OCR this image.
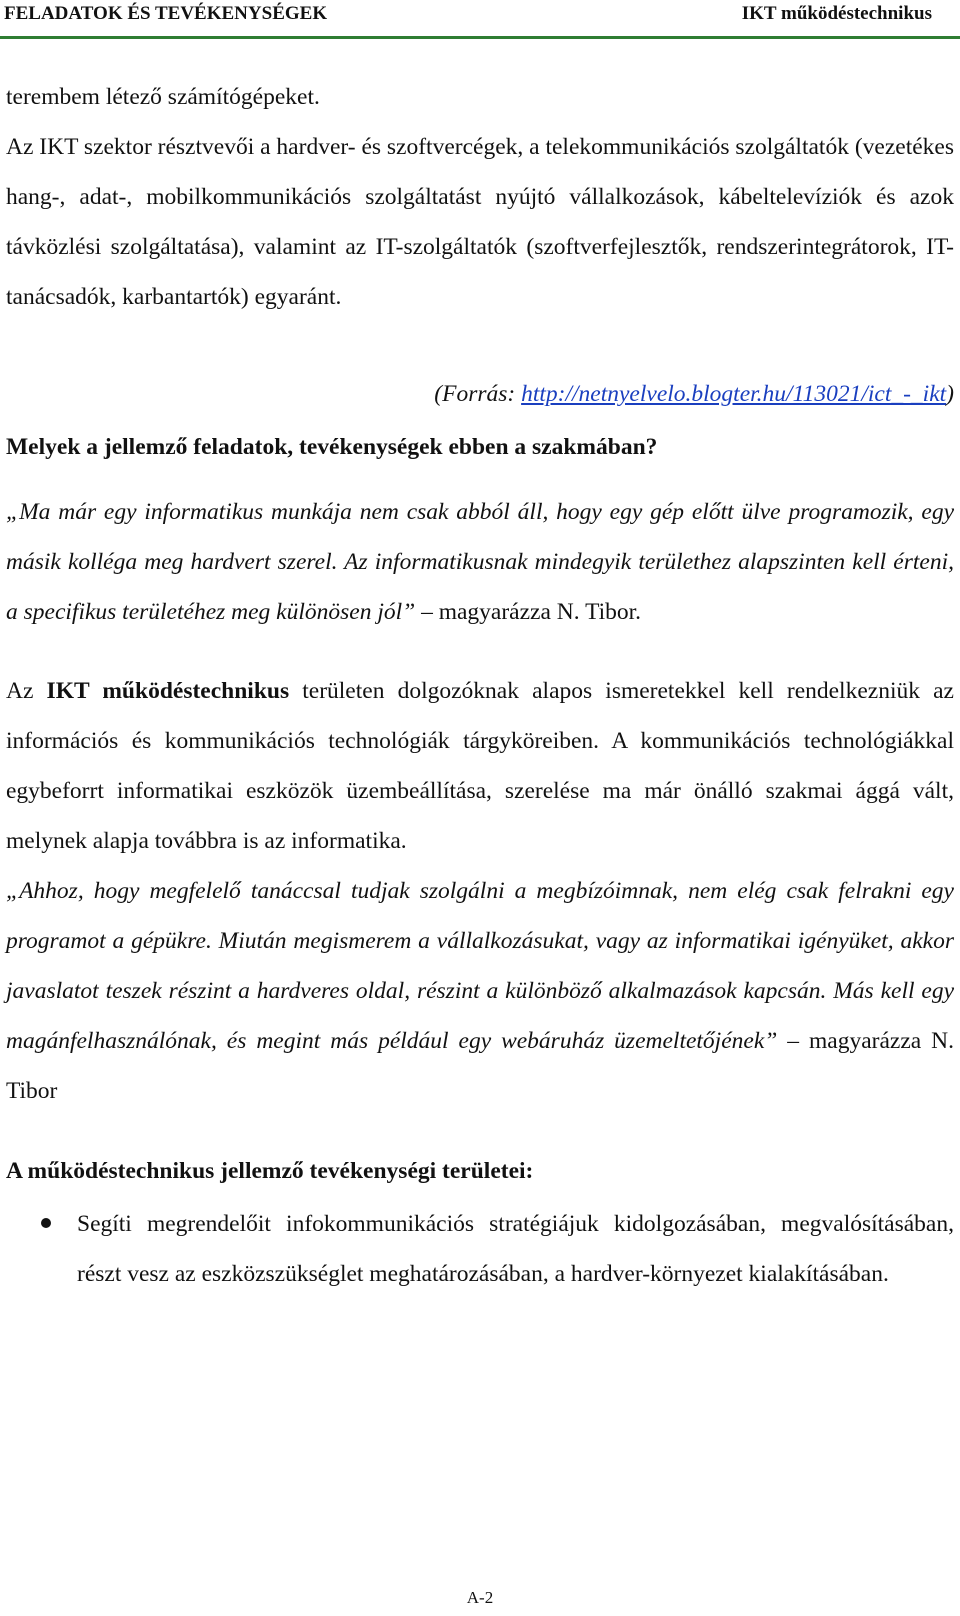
FELADATOK ÉS TEVÉKENYSÉGEK	IKT működéstechnikus

terembem létező számítógépeket.

Az IKT szektor résztvevői a hardver- és szoftvercégek, a telekommunikációs szolgáltatók (vezetékes hang-, adat-, mobilkommunikációs szolgáltatást nyújtó vállalkozások, kábeltelevíziók és azok távközlési szolgáltatása), valamint az IT-szolgáltatók (szoftverfejlesztők, rendszerintegrátorok, IT-tanácsadók, karbantartók) egyaránt.

(Forrás: http://netnyelvelo.blogter.hu/113021/ict_-_ikt)

Melyek a jellemző feladatok, tevékenységek ebben a szakmában?

„Ma már egy informatikus munkája nem csak abból áll, hogy egy gép előtt ülve programozik, egy másik kolléga meg hardvert szerel. Az informatikusnak mindegyik területhez alapszinten kell érteni, a specifikus területéhez meg különösen jól” – magyarázza N. Tibor.

Az IKT működéstechnikus területen dolgozóknak alapos ismeretekkel kell rendelkezniük az információs és kommunikációs technológiák tárgyköreiben. A kommunikációs technológiákkal egybeforrt informatikai eszközök üzembeállítása, szerelése ma már önálló szakmai ággá vált, melynek alapja továbbra is az informatika.

„Ahhoz, hogy megfelelő tanáccsal tudjak szolgálni a megbízóimnak, nem elég csak felrakni egy programot a gépükre. Miután megismerem a vállalkozásukat, vagy az informatikai igényüket, akkor javaslatot teszek részint a hardveres oldal, részint a különböző alkalmazások kapcsán. Más kell egy magánfelhasználónak, és megint más például egy webáruház üzemeltetőjének” – magyarázza N. Tibor

A működéstechnikus jellemző tevékenységi területei:

Segíti megrendelőit infokommunikációs stratégiájuk kidolgozásában, megvalósításában, részt vesz az eszközszükséglet meghatározásában, a hardver-környezet kialakításában.
A-2
